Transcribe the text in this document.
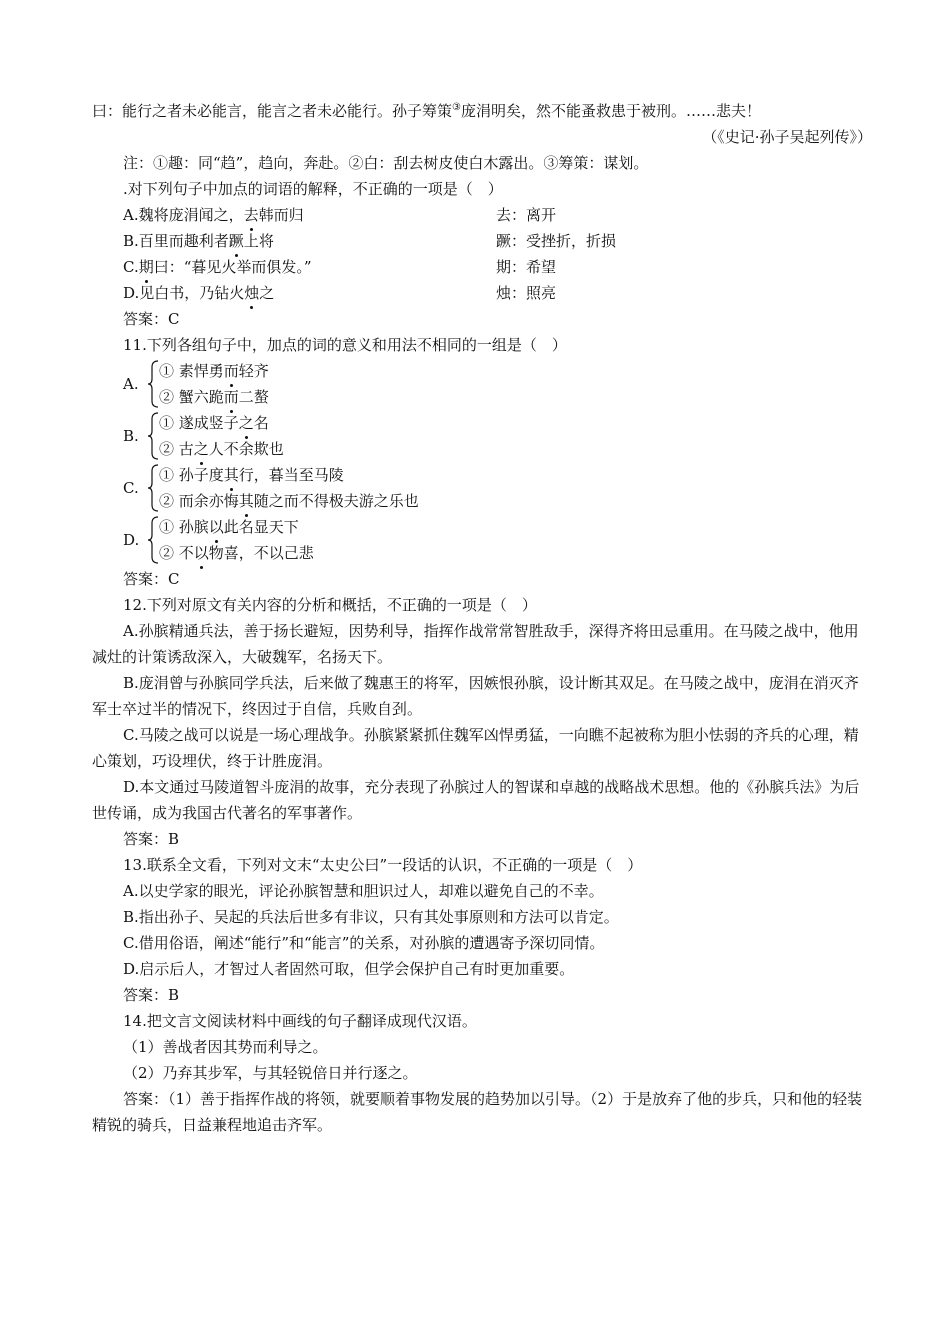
曰：能行之者未必能言，能言之者未必能行。孙子筹策③庞涓明矣，然不能蚤救患于被刑。……悲夫！
（《史记·孙子吴起列传》）
注：①趣：同“趋”，趋向，奔赴。②白：刮去树皮使白木露出。③筹策：谋划。
.对下列句子中加点的词语的解释，不正确的一项是（　）
A.魏将庞涓闻之，去韩而归	去：离开
B.百里而趣利者蹶上将	蹶：受挫折，折损
C.期曰：“暮见火举而俱发。”	期：希望
D.见白书，乃钻火烛之	烛：照亮
答案：C
11.下列各组句子中，加点的词的意义和用法不相同的一组是（　）
A.
① 素悍勇而轻齐
② 蟹六跪而二螯
B.
① 遂成竖子之名
② 古之人不余欺也
C.
① 孙子度其行，暮当至马陵
② 而余亦悔其随之而不得极夫游之乐也
D.
① 孙膑以此名显天下
② 不以物喜，不以己悲
答案：C
12.下列对原文有关内容的分析和概括，不正确的一项是（　）
A.孙膑精通兵法，善于扬长避短，因势利导，指挥作战常常智胜敌手，深得齐将田忌重用。在马陵之战中，他用减灶的计策诱敌深入，大破魏军，名扬天下。
B.庞涓曾与孙膑同学兵法，后来做了魏惠王的将军，因嫉恨孙膑，设计断其双足。在马陵之战中，庞涓在消灭齐军士卒过半的情况下，终因过于自信，兵败自刭。
C.马陵之战可以说是一场心理战争。孙膑紧紧抓住魏军凶悍勇猛，一向瞧不起被称为胆小怯弱的齐兵的心理，精心策划，巧设埋伏，终于计胜庞涓。
D.本文通过马陵道智斗庞涓的故事，充分表现了孙膑过人的智谋和卓越的战略战术思想。他的《孙膑兵法》为后世传诵，成为我国古代著名的军事著作。
答案：B
13.联系全文看，下列对文末“太史公曰”一段话的认识，不正确的一项是（　）
A.以史学家的眼光，评论孙膑智慧和胆识过人，却难以避免自己的不幸。
B.指出孙子、吴起的兵法后世多有非议，只有其处事原则和方法可以肯定。
C.借用俗语，阐述“能行”和“能言”的关系，对孙膑的遭遇寄予深切同情。
D.启示后人，才智过人者固然可取，但学会保护自己有时更加重要。
答案：B
14.把文言文阅读材料中画线的句子翻译成现代汉语。
（1）善战者因其势而利导之。
（2）乃弃其步军，与其轻锐倍日并行逐之。
答案：（1）善于指挥作战的将领，就要顺着事物发展的趋势加以引导。（2）于是放弃了他的步兵，只和他的轻装精锐的骑兵，日益兼程地追击齐军。
